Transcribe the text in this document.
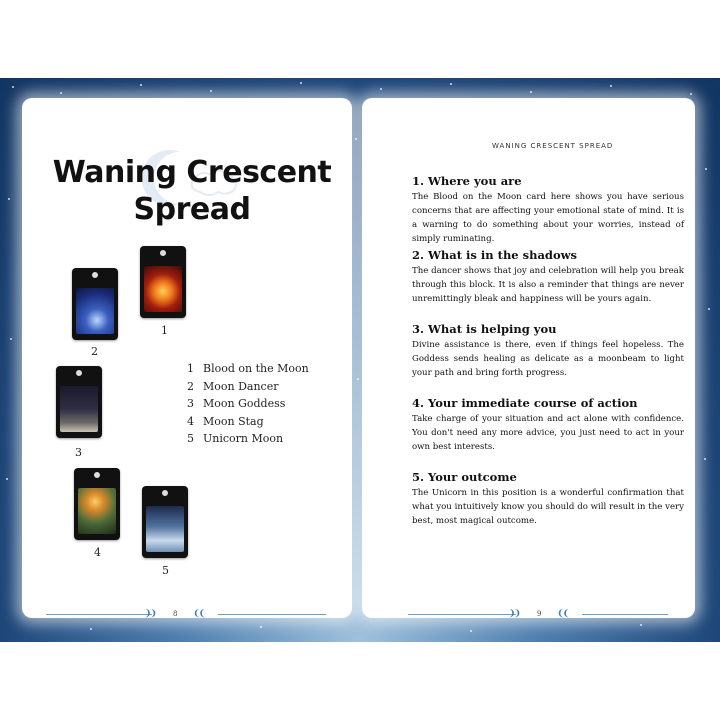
Waning Crescent
Spread
2
1
3
4
5
1 Blood on the Moon
2 Moon Dancer
3 Moon Goddess
4 Moon Stag
5 Unicorn Moon
❩❩	8 ❨❨
WANING CRESCENT SPREAD
1. Where you are

The Blood on the Moon card here shows you have serious concerns that are affecting your emotional state of mind. It is a warning to do something about your worries, instead of simply ruminating.

2. What is in the shadows

The dancer shows that joy and celebration will help you break through this block. It is also a reminder that things are never unremittingly bleak and happiness will be yours again.

3. What is helping you

Divine assistance is there, even if things feel hopeless. The Goddess sends healing as delicate as a moonbeam to light your path and bring forth progress.

4. Your immediate course of action

Take charge of your situation and act alone with confidence. You don't need any more advice, you just need to act in your own best interests.

5. Your outcome

The Unicorn in this position is a wonderful confirmation that what you intuitively know you should do will result in the very best, most magical outcome.

❩❩	9 ❨❨
